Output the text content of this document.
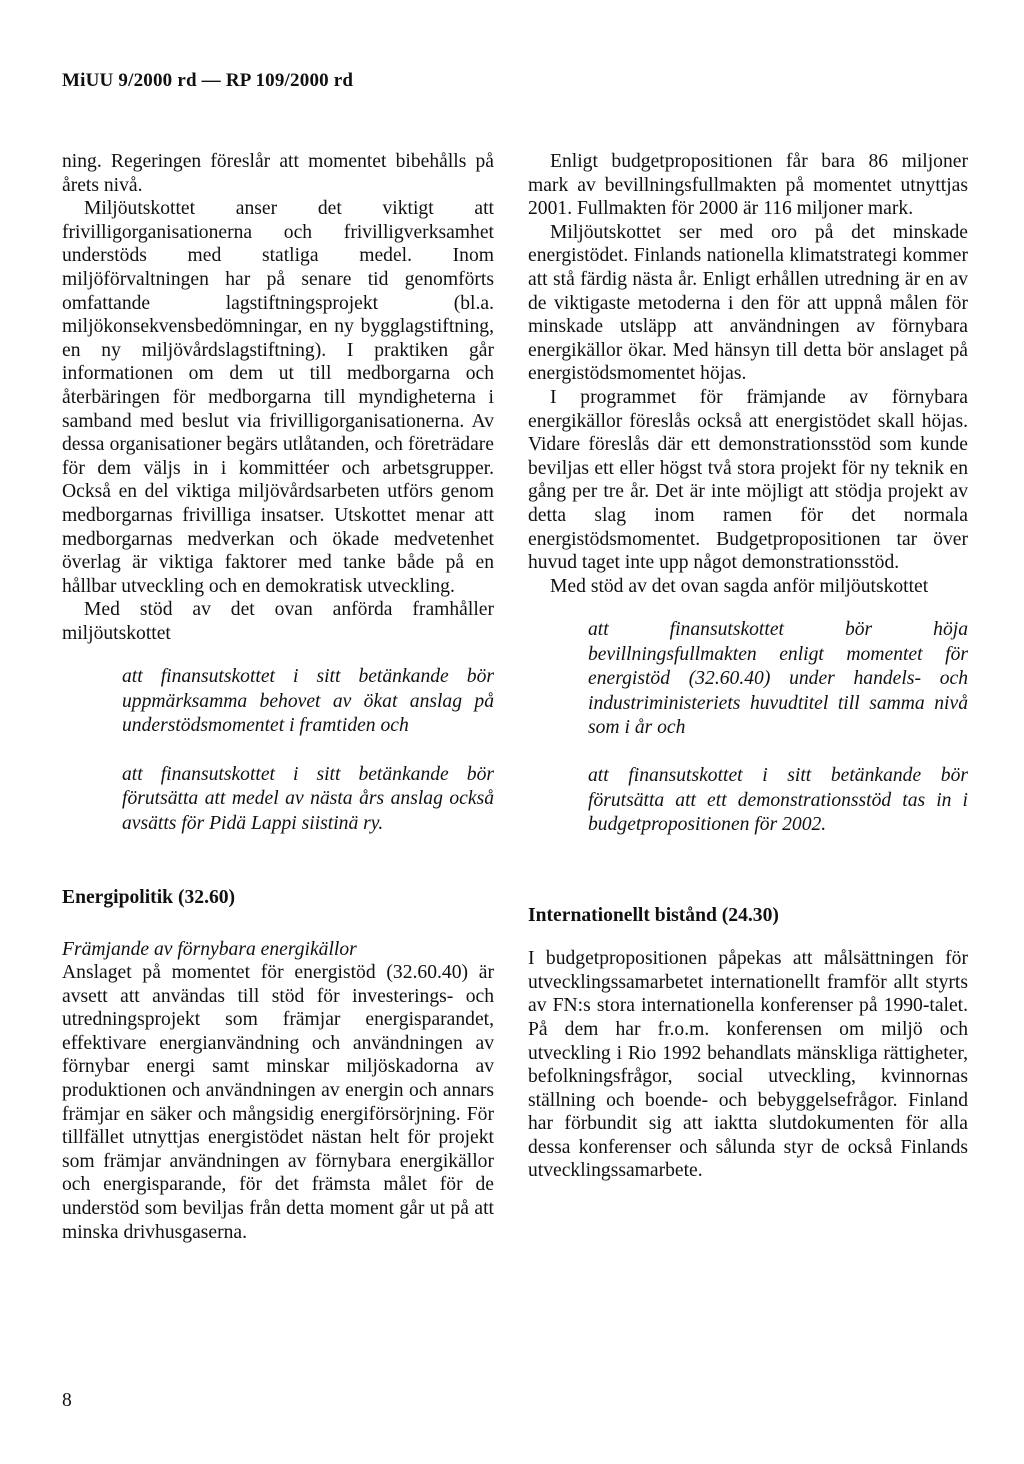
MiUU 9/2000 rd — RP 109/2000 rd

ning. Regeringen föreslår att momentet bibehålls på årets nivå.

Miljöutskottet anser det viktigt att frivilligorganisationerna och frivilligverksamhet understöds med statliga medel. Inom miljöförvaltningen har på senare tid genomförts omfattande lagstiftningsprojekt (bl.a. miljökonsekvensbedömningar, en ny bygglagstiftning, en ny miljövårdslagstiftning). I praktiken går informationen om dem ut till medborgarna och återbäringen för medborgarna till myndigheterna i samband med beslut via frivilligorganisationerna. Av dessa organisationer begärs utlåtanden, och företrädare för dem väljs in i kommittéer och arbetsgrupper. Också en del viktiga miljövårdsarbeten utförs genom medborgarnas frivilliga insatser. Utskottet menar att medborgarnas medverkan och ökade medvetenhet överlag är viktiga faktorer med tanke både på en hållbar utveckling och en demokratisk utveckling.

Med stöd av det ovan anförda framhåller miljöutskottet

att finansutskottet i sitt betänkande bör uppmärksamma behovet av ökat anslag på understödsmomentet i framtiden och

att finansutskottet i sitt betänkande bör förutsätta att medel av nästa års anslag också avsätts för Pidä Lappi siistinä ry.

Energipolitik (32.60)
Främjande av förnybara energikällor

Anslaget på momentet för energistöd (32.60.40) är avsett att användas till stöd för investerings- och utredningsprojekt som främjar energisparandet, effektivare energianvändning och användningen av förnybar energi samt minskar miljöskadorna av produktionen och användningen av energin och annars främjar en säker och mångsidig energiförsörjning. För tillfället utnyttjas energistödet nästan helt för projekt som främjar användningen av förnybara energikällor och energisparande, för det främsta målet för de understöd som beviljas från detta moment går ut på att minska drivhusgaserna.

Enligt budgetpropositionen får bara 86 miljoner mark av bevillningsfullmakten på momentet utnyttjas 2001. Fullmakten för 2000 är 116 miljoner mark.

Miljöutskottet ser med oro på det minskade energistödet. Finlands nationella klimatstrategi kommer att stå färdig nästa år. Enligt erhållen utredning är en av de viktigaste metoderna i den för att uppnå målen för minskade utsläpp att användningen av förnybara energikällor ökar. Med hänsyn till detta bör anslaget på energistödsmomentet höjas.

I programmet för främjande av förnybara energikällor föreslås också att energistödet skall höjas. Vidare föreslås där ett demonstrationsstöd som kunde beviljas ett eller högst två stora projekt för ny teknik en gång per tre år. Det är inte möjligt att stödja projekt av detta slag inom ramen för det normala energistödsmomentet. Budgetpropositionen tar över huvud taget inte upp något demonstrationsstöd.

Med stöd av det ovan sagda anför miljöutskottet

att finansutskottet bör höja bevillningsfullmakten enligt momentet för energistöd (32.60.40) under handels- och industriministeriets huvudtitel till samma nivå som i år och

att finansutskottet i sitt betänkande bör förutsätta att ett demonstrationsstöd tas in i budgetpropositionen för 2002.

Internationellt bistånd (24.30)

I budgetpropositionen påpekas att målsättningen för utvecklingssamarbetet internationellt framför allt styrts av FN:s stora internationella konferenser på 1990-talet. På dem har fr.o.m. konferensen om miljö och utveckling i Rio 1992 behandlats mänskliga rättigheter, befolkningsfrågor, social utveckling, kvinnornas ställning och boende- och bebyggelsefrågor. Finland har förbundit sig att iaktta slutdokumenten för alla dessa konferenser och sålunda styr de också Finlands utvecklingssamarbete.

8
